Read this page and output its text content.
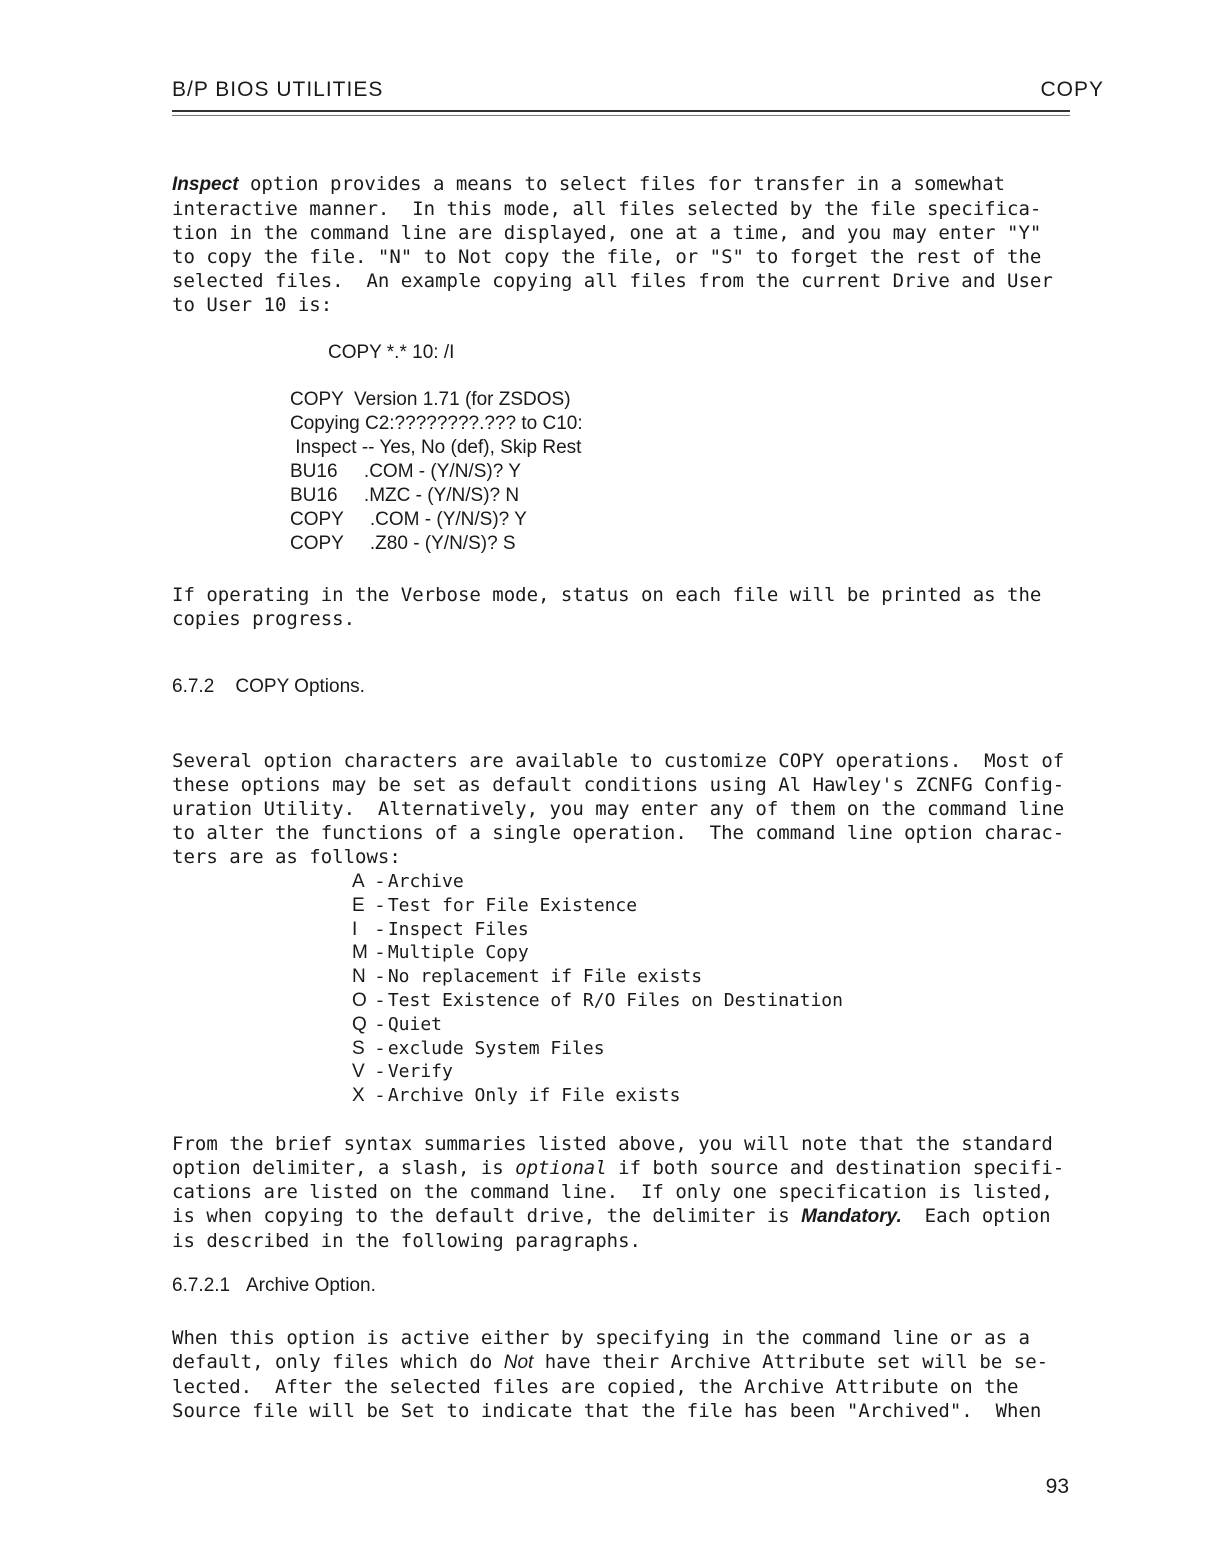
B/P BIOS UTILITIES	COPY
Inspect option provides a means to select files for transfer in a somewhat
interactive manner.  In this mode, all files selected by the file specifica-
tion in the command line are displayed, one at a time, and you may enter "Y"
to copy the file. "N" to Not copy the file, or "S" to forget the rest of the
selected files.  An example copying all files from the current Drive and User
to User 10 is:
COPY *.* 10: /I
COPY  Version 1.71 (for ZSDOS)
Copying C2:????????.??? to C10:
Inspect -- Yes, No (def), Skip Rest
BU16     .COM - (Y/N/S)? Y
BU16     .MZC - (Y/N/S)? N
COPY     .COM - (Y/N/S)? Y
COPY     .Z80 - (Y/N/S)? S
If operating in the Verbose mode, status on each file will be printed as the
copies progress.
6.7.2 COPY Options.
Several option characters are available to customize COPY operations.  Most of
these options may be set as default conditions using Al Hawley's ZCNFG Config-
uration Utility.  Alternatively, you may enter any of them on the command line
to alter the functions of a single operation.  The command line option charac-
ters are as follows:
A - Archive
E - Test for File Existence
I - Inspect Files
M - Multiple Copy
N - No replacement if File exists
O - Test Existence of R/O Files on Destination
Q - Quiet
S - exclude System Files
V - Verify
X - Archive Only if File exists
From the brief syntax summaries listed above, you will note that the standard
option delimiter, a slash, is optional if both source and destination specifi-
cations are listed on the command line.  If only one specification is listed,
is when copying to the default drive, the delimiter is Mandatory.  Each option
is described in the following paragraphs.
6.7.2.1 Archive Option.
When this option is active either by specifying in the command line or as a
default, only files which do Not have their Archive Attribute set will be se-
lected.  After the selected files are copied, the Archive Attribute on the
Source file will be Set to indicate that the file has been "Archived".  When
93
